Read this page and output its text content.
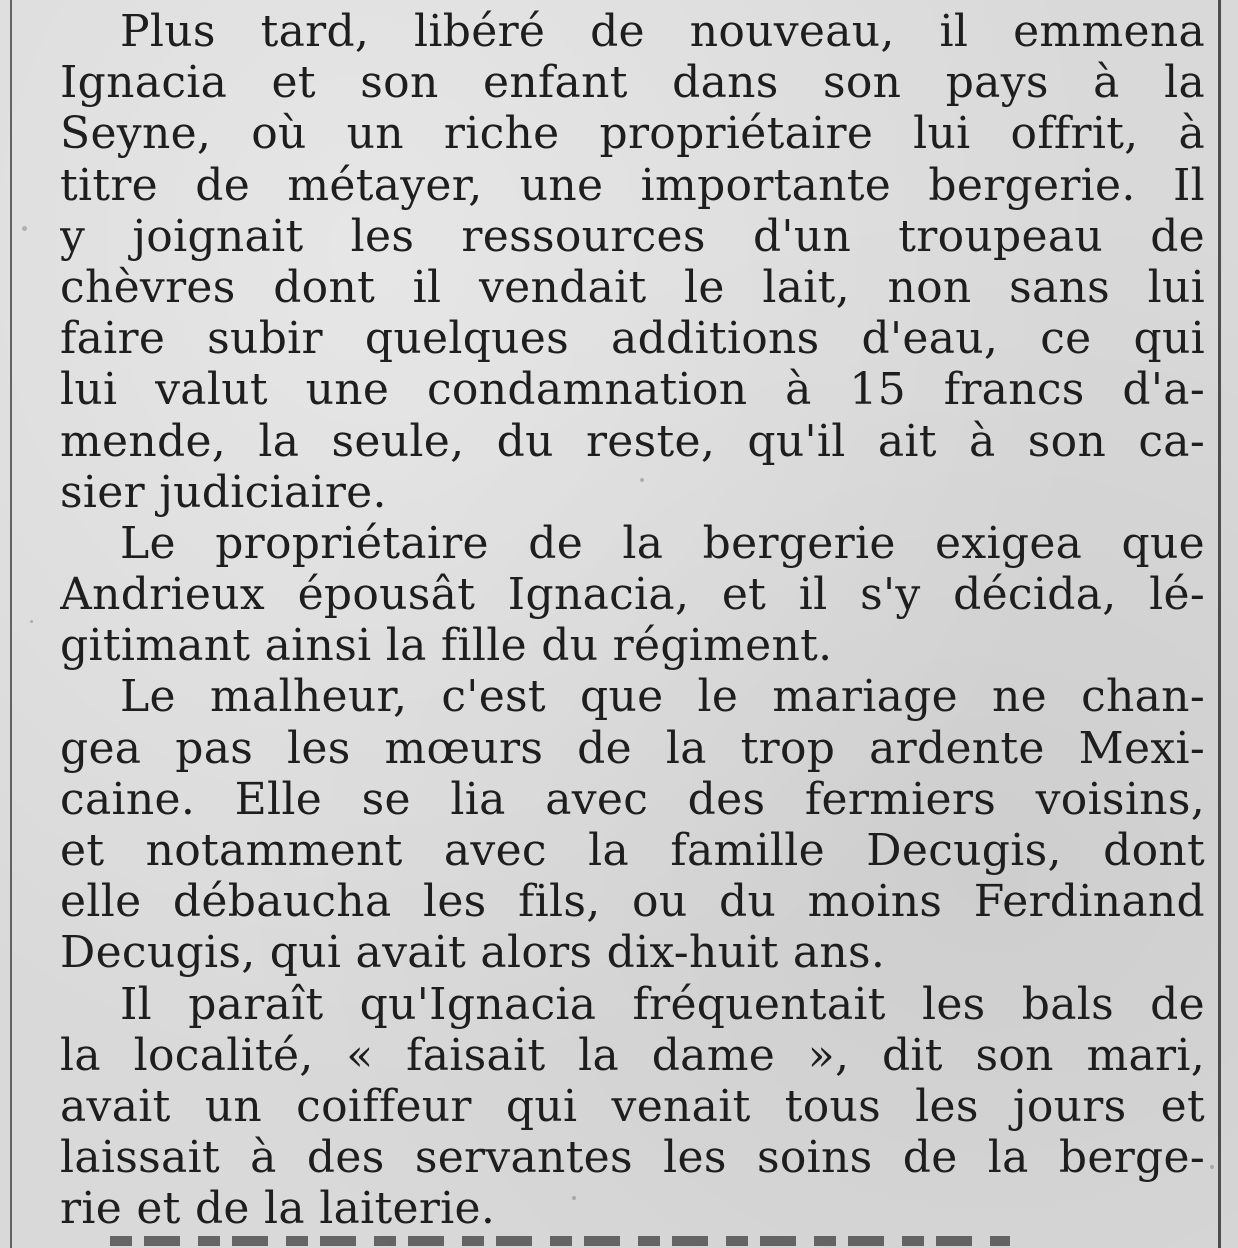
Plus tard, libéré de nouveau, il emmena
Ignacia et son enfant dans son pays à la
Seyne, où un riche propriétaire lui offrit, à
titre de métayer, une importante bergerie. Il
y joignait les ressources d'un troupeau de
chèvres dont il vendait le lait, non sans lui
faire subir quelques additions d'eau, ce qui
lui valut une condamnation à 15 francs d'a-
mende, la seule, du reste, qu'il ait à son ca-
sier judiciaire.
Le propriétaire de la bergerie exigea que
Andrieux épousât Ignacia, et il s'y décida, lé-
gitimant ainsi la fille du régiment.
Le malheur, c'est que le mariage ne chan-
gea pas les mœurs de la trop ardente Mexi-
caine. Elle se lia avec des fermiers voisins,
et notamment avec la famille Decugis, dont
elle débaucha les fils, ou du moins Ferdinand
Decugis, qui avait alors dix-huit ans.
Il paraît qu'Ignacia fréquentait les bals de
la localité, « faisait la dame », dit son mari,
avait un coiffeur qui venait tous les jours et
laissait à des servantes les soins de la berge-
rie et de la laiterie.
